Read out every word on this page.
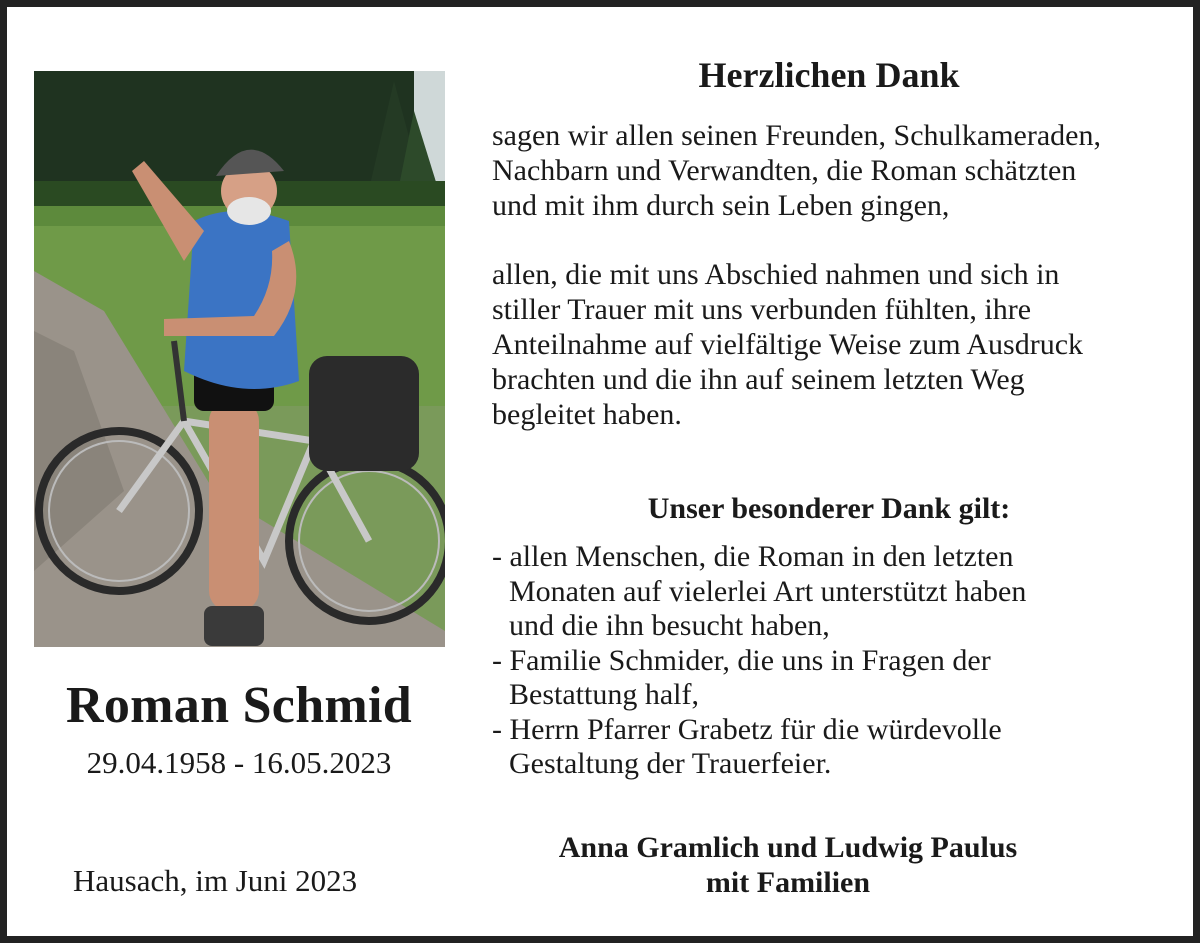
Roman Schmid
29.04.1958 - 16.05.2023
Hausach, im Juni 2023
Herzlichen Dank

sagen wir allen seinen Freunden, Schulkameraden,
Nachbarn und Verwandten, die Roman schätzten
und mit ihm durch sein Leben gingen,

allen, die mit uns Abschied nahmen und sich in
stiller Trauer mit uns verbunden fühlten, ihre
Anteilnahme auf vielfältige Weise zum Ausdruck
brachten und die ihn auf seinem letzten Weg
begleitet haben.

Unser besonderer Dank gilt:
- allen Menschen, die Roman in den letzten
Monaten auf vielerlei Art unterstützt haben
und die ihn besucht haben,
- Familie Schmider, die uns in Fragen der
Bestattung half,
- Herrn Pfarrer Grabetz für die würdevolle
Gestaltung der Trauerfeier.
Anna Gramlich und Ludwig Paulus
mit Familien
